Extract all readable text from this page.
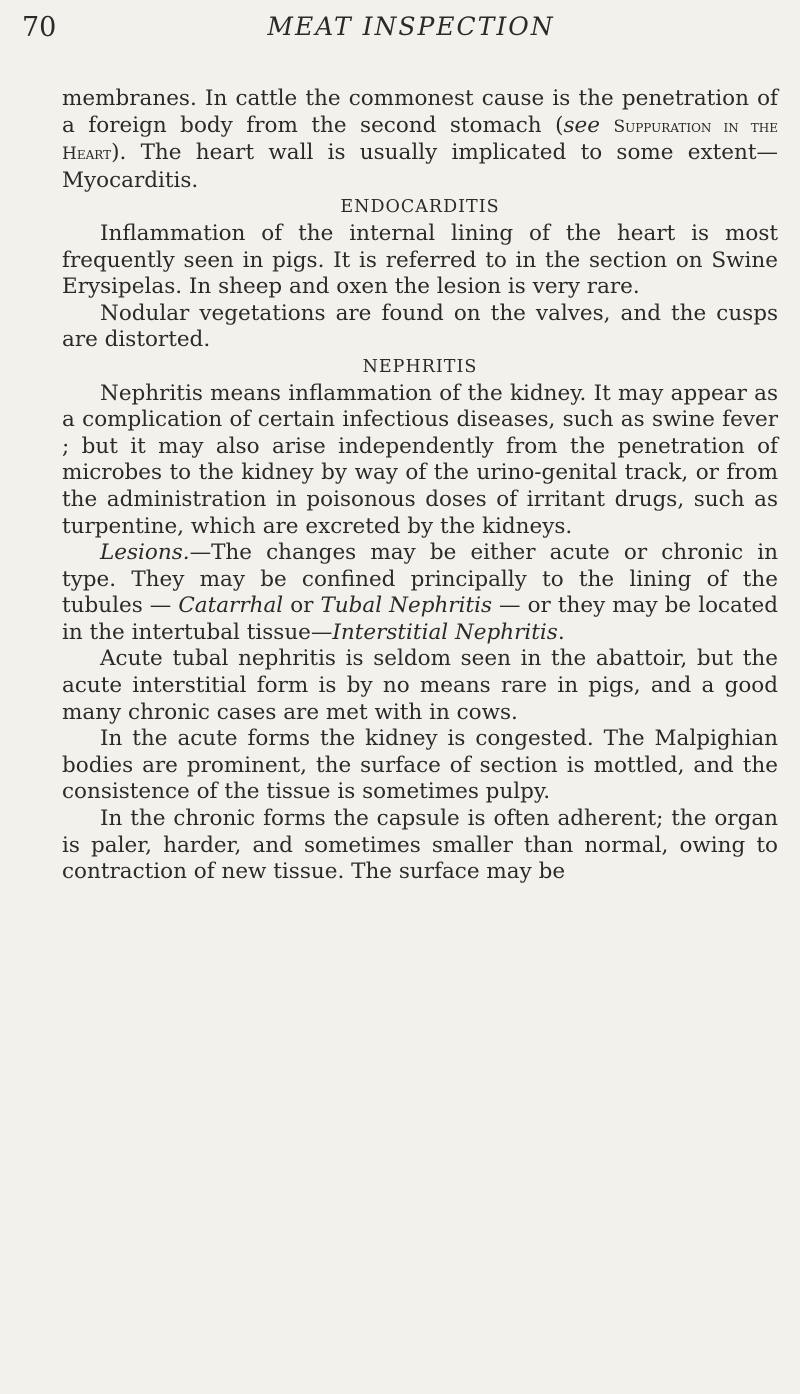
70	MEAT INSPECTION

membranes. In cattle the commonest cause is the penetration of a foreign body from the second stomach (see Suppuration in the Heart). The heart wall is usually implicated to some extent—Myocarditis.

ENDOCARDITIS

Inflammation of the internal lining of the heart is most frequently seen in pigs. It is referred to in the section on Swine Erysipelas. In sheep and oxen the lesion is very rare.

Nodular vegetations are found on the valves, and the cusps are distorted.

NEPHRITIS

Nephritis means inflammation of the kidney. It may appear as a complication of certain infectious diseases, such as swine fever ; but it may also arise independently from the penetration of microbes to the kidney by way of the urino-genital track, or from the administration in poisonous doses of irritant drugs, such as turpentine, which are excreted by the kidneys.

Lesions.—The changes may be either acute or chronic in type. They may be confined principally to the lining of the tubules — Catarrhal or Tubal Nephritis — or they may be located in the intertubal tissue—Interstitial Nephritis.

Acute tubal nephritis is seldom seen in the abattoir, but the acute interstitial form is by no means rare in pigs, and a good many chronic cases are met with in cows.

In the acute forms the kidney is congested. The Malpighian bodies are prominent, the surface of section is mottled, and the consistence of the tissue is sometimes pulpy.

In the chronic forms the capsule is often adherent; the organ is paler, harder, and sometimes smaller than normal, owing to contraction of new tissue. The surface may be
